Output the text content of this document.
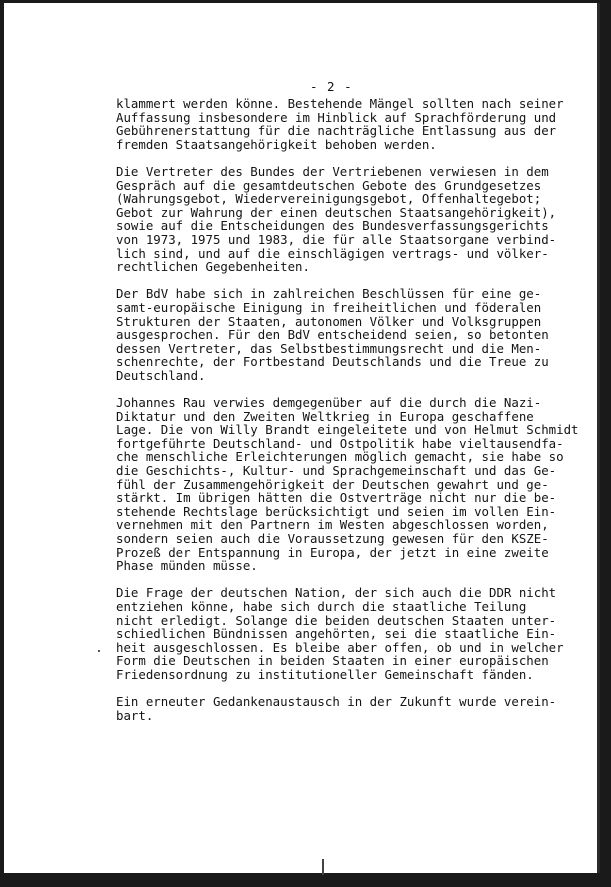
- 2 -

klammert werden könne. Bestehende Mängel sollten nach seiner
Auffassung insbesondere im Hinblick auf Sprachförderung und
Gebührenerstattung für die nachträgliche Entlassung aus der
fremden Staatsangehörigkeit behoben werden.

Die Vertreter des Bundes der Vertriebenen verwiesen in dem
Gespräch auf die gesamtdeutschen Gebote des Grundgesetzes
(Wahrungsgebot, Wiedervereinigungsgebot, Offenhaltegebot;
Gebot zur Wahrung der einen deutschen Staatsangehörigkeit),
sowie auf die Entscheidungen des Bundesverfassungsgerichts
von 1973, 1975 und 1983, die für alle Staatsorgane verbind-
lich sind, und auf die einschlägigen vertrags- und völker-
rechtlichen Gegebenheiten.

Der BdV habe sich in zahlreichen Beschlüssen für eine ge-
samt-europäische Einigung in freiheitlichen und föderalen
Strukturen der Staaten, autonomen Völker und Volksgruppen
ausgesprochen. Für den BdV entscheidend seien, so betonten
dessen Vertreter, das Selbstbestimmungsrecht und die Men-
schenrechte, der Fortbestand Deutschlands und die Treue zu
Deutschland.

Johannes Rau verwies demgegenüber auf die durch die Nazi-
Diktatur und den Zweiten Weltkrieg in Europa geschaffene
Lage. Die von Willy Brandt eingeleitete und von Helmut Schmidt
fortgeführte Deutschland- und Ostpolitik habe vieltausendfa-
che menschliche Erleichterungen möglich gemacht, sie habe so
die Geschichts-, Kultur- und Sprachgemeinschaft und das Ge-
fühl der Zusammengehörigkeit der Deutschen gewahrt und ge-
stärkt. Im übrigen hätten die Ostverträge nicht nur die be-
stehende Rechtslage berücksichtigt und seien im vollen Ein-
vernehmen mit den Partnern im Westen abgeschlossen worden,
sondern seien auch die Voraussetzung gewesen für den KSZE-
Prozeß der Entspannung in Europa, der jetzt in eine zweite
Phase münden müsse.

Die Frage der deutschen Nation, der sich auch die DDR nicht
entziehen könne, habe sich durch die staatliche Teilung
nicht erledigt. Solange die beiden deutschen Staaten unter-
schiedlichen Bündnissen angehörten, sei die staatliche Ein-
heit ausgeschlossen. Es bleibe aber offen, ob und in welcher
Form die Deutschen in beiden Staaten in einer europäischen
Friedensordnung zu institutioneller Gemeinschaft fänden.

Ein erneuter Gedankenaustausch in der Zukunft wurde verein-
bart.
